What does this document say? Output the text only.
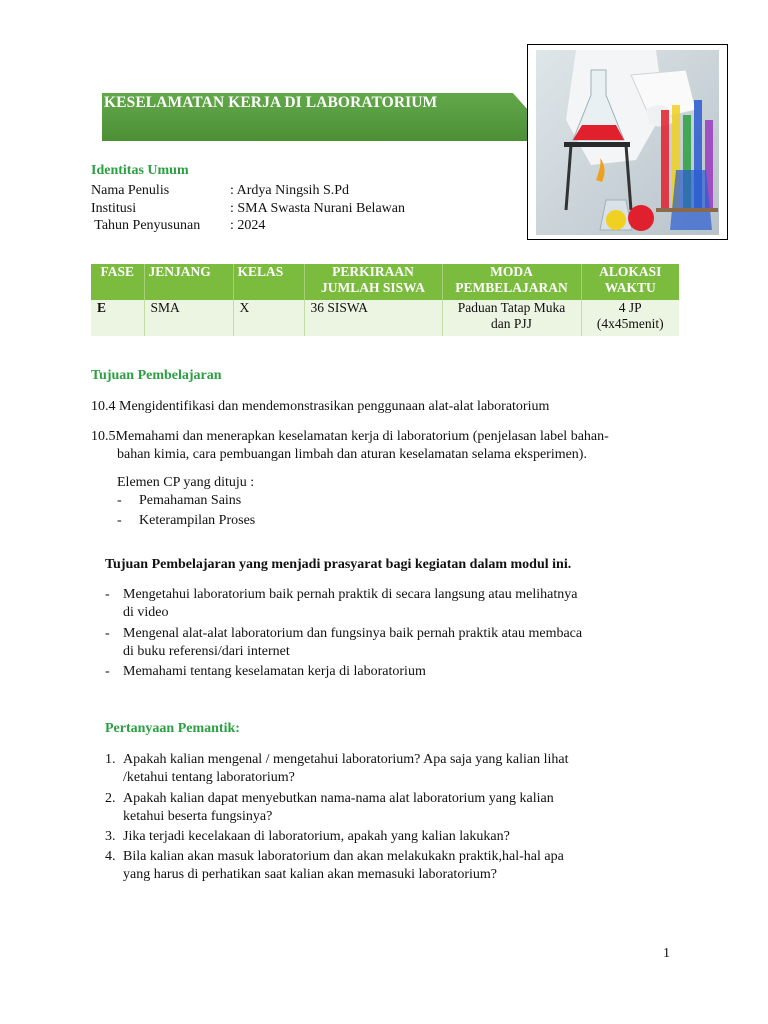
KESELAMATAN KERJA DI LABORATORIUM
Identitas Umum
Nama Penulis	: Ardya Ningsih S.Pd
Institusi	: SMA Swasta Nurani Belawan
Tahun Penyusunan : 2024
FASE	JENJANG	KELAS	PERKIRAAN JUMLAH SISWA	MODA PEMBELAJARAN	ALOKASI WAKTU
E	SMA	X	36 SISWA	Paduan Tatap Muka dan PJJ	4 JP (4x45menit)
Tujuan Pembelajaran
10.4 Mengidentifikasi dan mendemonstrasikan penggunaan alat-alat laboratorium
10.5Memahami dan menerapkan keselamatan kerja di laboratorium (penjelasan label bahan-
bahan kimia, cara pembuangan limbah dan aturan keselamatan selama eksperimen).
Elemen CP yang dituju :
- Pemahaman Sains
- Keterampilan Proses
Tujuan Pembelajaran yang menjadi prasyarat bagi kegiatan dalam modul ini.
- Mengetahui laboratorium baik pernah praktik di secara langsung atau melihatnya
di video
- Mengenal alat-alat laboratorium dan fungsinya baik pernah praktik atau membaca
di buku referensi/dari internet
- Memahami tentang keselamatan kerja di laboratorium
Pertanyaan Pemantik:
1. Apakah kalian mengenal / mengetahui laboratorium? Apa saja yang kalian lihat
/ketahui tentang laboratorium?
2. Apakah kalian dapat menyebutkan nama-nama alat laboratorium yang kalian
ketahui beserta fungsinya?
3. Jika terjadi kecelakaan di laboratorium, apakah yang kalian lakukan?
4. Bila kalian akan masuk laboratorium dan akan melakukakn praktik,hal-hal apa
yang harus di perhatikan saat kalian akan memasuki laboratorium?
1
